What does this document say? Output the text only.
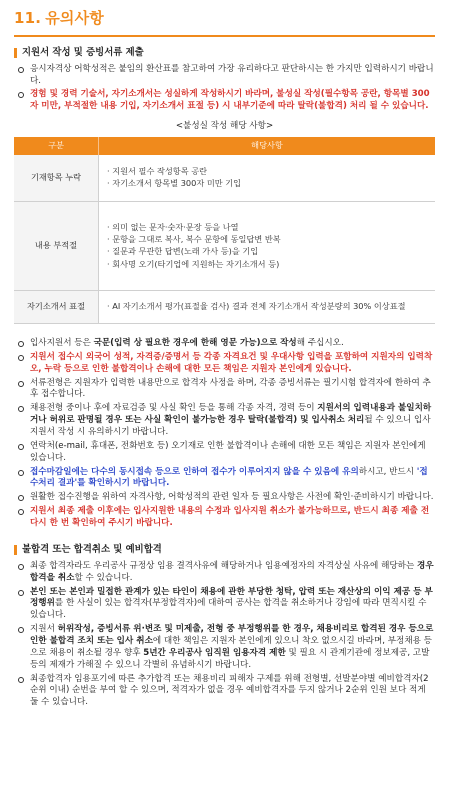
11. 유의사항
지원서 작성 및 증빙서류 제출
응시자격상 어학성적은 붙임의 환산표를 참고하여 가장 유리하다고 판단하시는 한 가지만 입력하시기 바랍니다.
경험 및 경력 기술서, 자기소개서는 성실하게 작성하시기 바라며, 불성실 작성(필수항목 공란, 항목별 300자 미만, 부적절한 내용 기입, 자기소개서 표절 등) 시 내부기준에 따라 탈락(불합격) 처리 될 수 있습니다.
<불성실 작성 해당 사항>
구분	해당사항
기재항목 누락	· 지원서 필수 작성항목 공란
· 자기소개서 항목별 300자 미만 기입

내용 부적절	· 의미 없는 문자·숫자·문장 등을 나열
· 문항을 그대로 복사, 복수 문항에 동일답변 반복
· 질문과 무관한 답변(노래 가사 등)을 기입
· 회사명 오기(타기업에 지원하는 자기소개서 등)

자기소개서 표절	· AI 자기소개서 평가(표절율 검사) 결과 전체 자기소개서 작성분량의 30% 이상표절
입사지원서 등은 국문(입력 상 필요한 경우에 한해 영문 가능)으로 작성해 주십시오.
지원서 접수시 외국어 성적, 자격증/증명서 등 각종 자격요건 및 우대사항 입력을 포함하여 지원자의 입력착오, 누락 등으로 인한 불합격이나 손해에 대한 모든 책임은 지원자 본인에게 있습니다.
서류전형은 지원자가 입력한 내용만으로 합격자 사정을 하며, 각종 증빙서류는 필기시험 합격자에 한하여 추후 접수합니다.
채용전형 중이나 후에 자료검증 및 사실 확인 등을 통해 각종 자격, 경력 등이 지원서의 입력내용과 불일치하거나 허위로 판명될 경우 또는 사실 확인이 불가능한 경우 탈락(불합격) 및 입사취소 처리될 수 있으니 입사지원서 작성 시 유의하시기 바랍니다.
연락처(e-mail, 휴대폰, 전화번호 등) 오기재로 인한 불합격이나 손해에 대한 모든 책임은 지원자 본인에게 있습니다.
접수마감일에는 다수의 동시접속 등으로 인하여 접수가 이루어지지 않을 수 있음에 유의하시고, 반드시 '접수처리 결과'를 확인하시기 바랍니다.
원활한 접수진행을 위하여 자격사항, 어학성적의 관련 일자 등 필요사항은 사전에 확인·준비하시기 바랍니다.
지원서 최종 제출 이후에는 입사지원한 내용의 수정과 입사지원 취소가 불가능하므로, 반드시 최종 제출 전 다시 한 번 확인하여 주시기 바랍니다.
불합격 또는 합격취소 및 예비합격
최종 합격자라도 우리공사 규정상 임용 결격사유에 해당하거나 임용예정자의 자격상실 사유에 해당하는 경우 합격을 취소할 수 있습니다.
본인 또는 본인과 밀접한 관계가 있는 타인이 채용에 관한 부당한 청탁, 압력 또는 재산상의 이익 제공 등 부정행위를 한 사실이 있는 합격자(부정합격자)에 대하여 공사는 합격을 취소하거나 강임에 따라 면직시킬 수 있습니다.
지원서 허위작성, 증빙서류 위·변조 및 미제출, 전형 중 부정행위를 한 경우, 채용비리로 합격된 경우 등으로 인한 불합격 조치 또는 입사 취소에 대한 책임은 지원자 본인에게 있으니 착오 없으시길 바라며, 부정채용 등으로 채용이 취소될 경우 향후 5년간 우리공사 임직원 임용자격 제한 및 필요 시 관계기관에 정보제공, 고발 등의 제재가 가해질 수 있으니 각별히 유념하시기 바랍니다.
최종합격자 임용포기에 따른 추가합격 또는 채용비리 피해자 구제를 위해 전형별, 선발분야별 예비합격자(2순위 이내) 순번을 부여 할 수 있으며, 적격자가 없을 경우 예비합격자를 두지 않거나 2순위 인원 보다 적게 둘 수 있습니다.
